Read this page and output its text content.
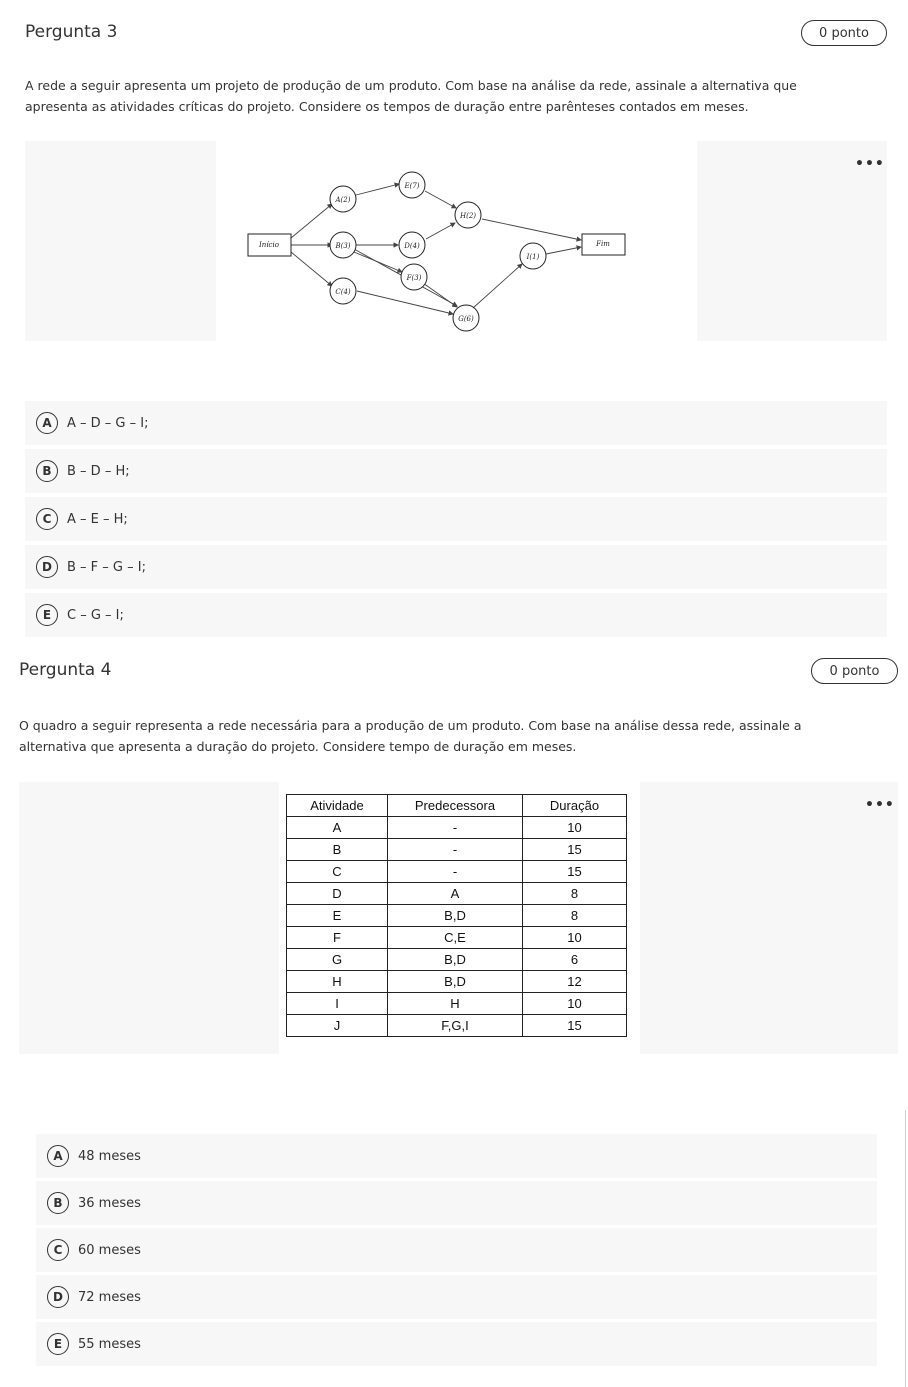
Pergunta 3	0 ponto
A rede a seguir apresenta um projeto de produção de um produto. Com base na análise da rede, assinale a alternativa que
apresenta as atividades críticas do projeto. Considere os tempos de duração entre parênteses contados em meses.
•••
Início	Fim
A(2)
B(3)
C(4)
D(4)
E(7)
F(3)
G(6)
H(2)
I(1)
A	A – D – G – I;
B	B – D – H;
C	A – E – H;
D	B – F – G – I;
E	C – G – I;
Pergunta 4	0 ponto
O quadro a seguir representa a rede necessária para a produção de um produto. Com base na análise dessa rede, assinale a
alternativa que apresenta a duração do projeto. Considere tempo de duração em meses.
•••
Atividade	Predecessora	Duração
A	-	10
B	-	15
C	-	15
D	A	8
E	B,D	8
F	C,E	10
G	B,D	6
H	B,D	12
I	H	10
J	F,G,I	15
A	48 meses
B	36 meses
C	60 meses
D	72 meses
E	55 meses
